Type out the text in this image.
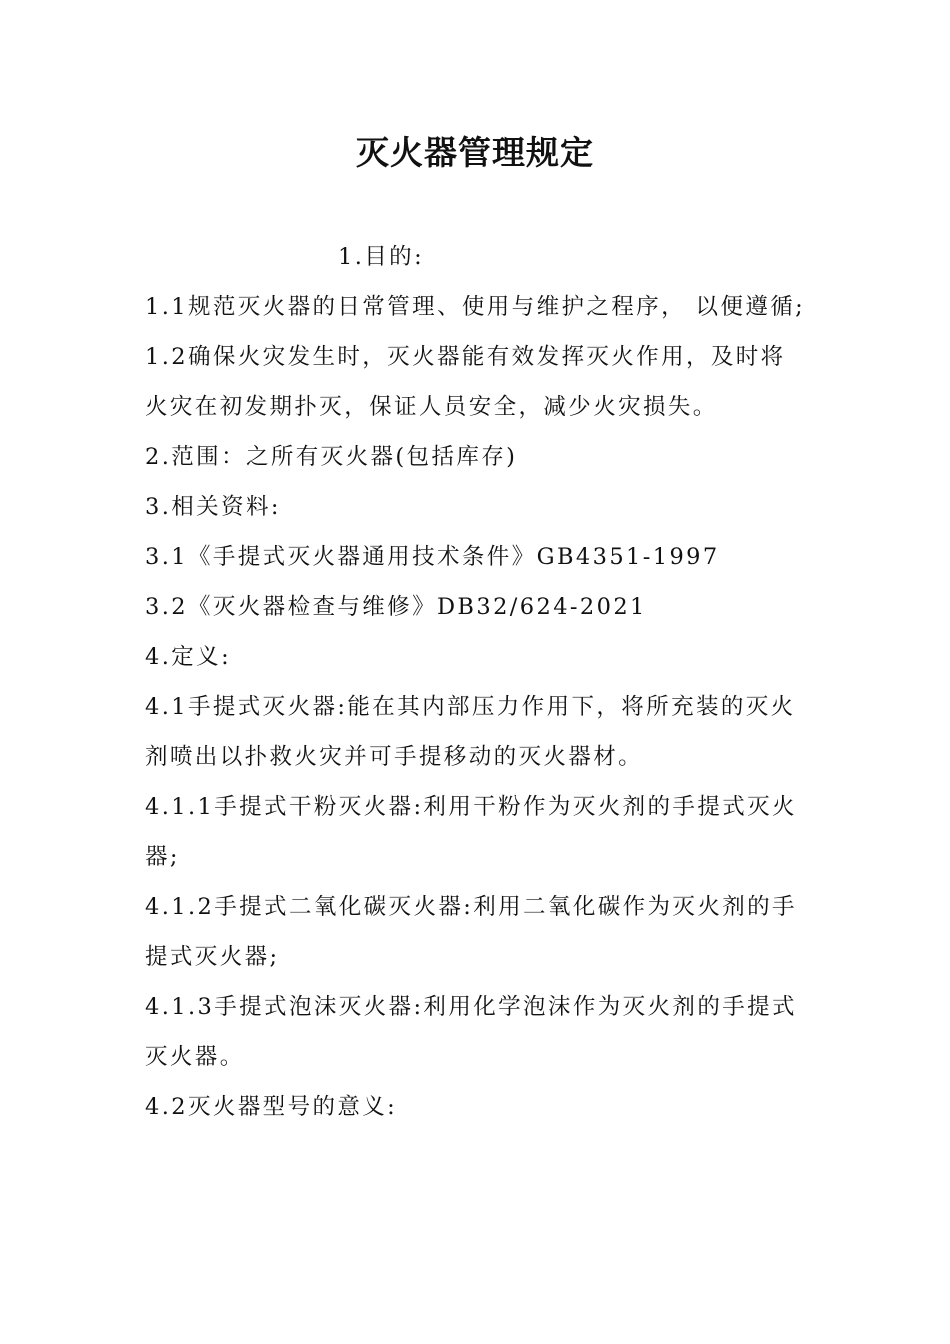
灭火器管理规定

1.目的:

1.1规范灭火器的日常管理、使用与维护之程序， 以便遵循;

1.2确保火灾发生时，灭火器能有效发挥灭火作用，及时将火灾在初发期扑灭，保证人员安全，减少火灾损失。

2.范围：之所有灭火器(包括库存)

3.相关资料:

3.1《手提式灭火器通用技术条件》GB4351-1997

3.2《灭火器检查与维修》DB32/624-2021

4.定义:

4.1手提式灭火器:能在其内部压力作用下，将所充装的灭火剂喷出以扑救火灾并可手提移动的灭火器材。

4.1.1手提式干粉灭火器:利用干粉作为灭火剂的手提式灭火器;

4.1.2手提式二氧化碳灭火器:利用二氧化碳作为灭火剂的手提式灭火器;

4.1.3手提式泡沫灭火器:利用化学泡沫作为灭火剂的手提式灭火器。

4.2灭火器型号的意义:
